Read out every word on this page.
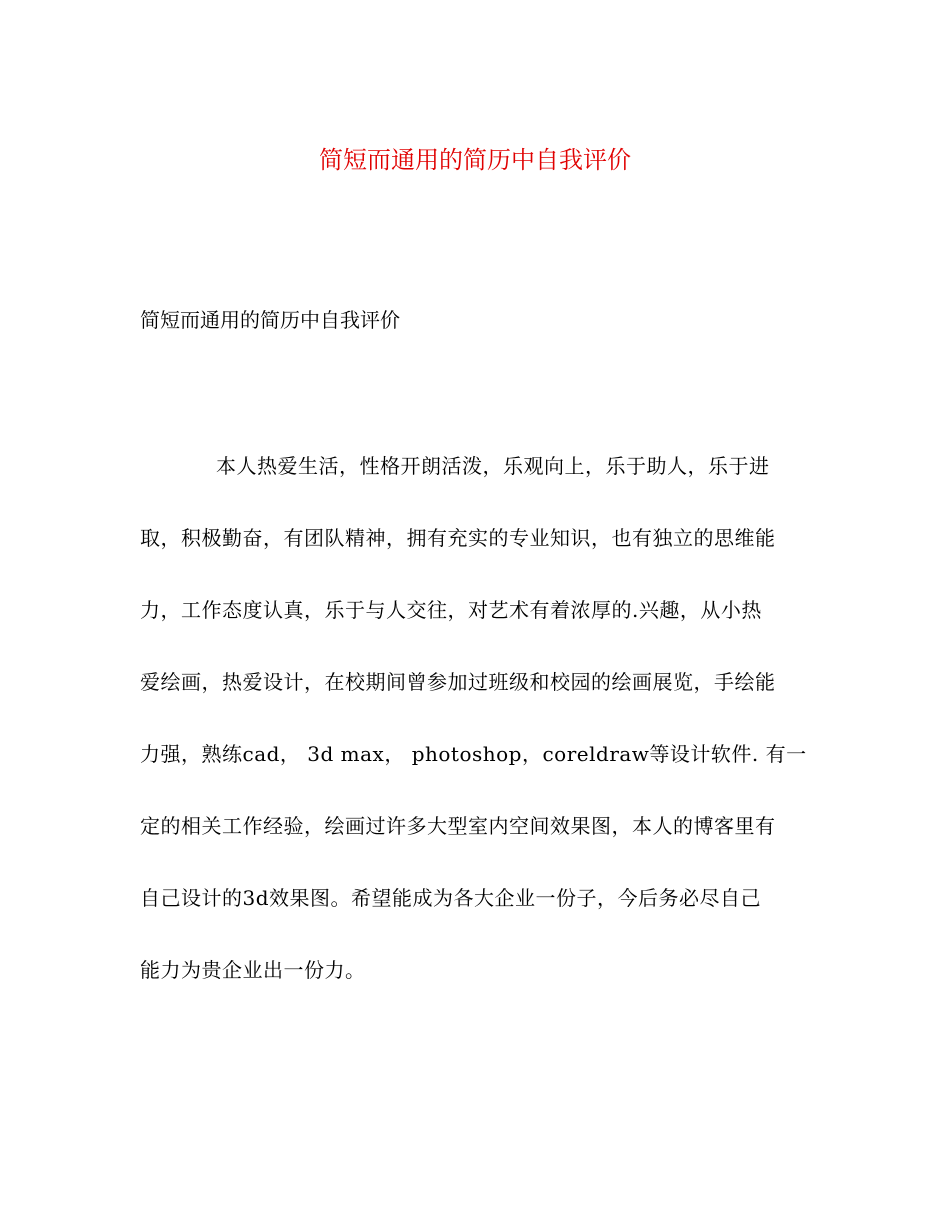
简短而通用的简历中自我评价
简短而通用的简历中自我评价
本人热爱生活，性格开朗活泼，乐观向上，乐于助人，乐于进
取，积极勤奋，有团队精神，拥有充实的专业知识，也有独立的思维能
力，工作态度认真，乐于与人交往，对艺术有着浓厚的.兴趣，从小热
爱绘画，热爱设计，在校期间曾参加过班级和校园的绘画展览，手绘能
力强，熟练cad， 3d max， photoshop，coreldraw等设计软件. 有一
定的相关工作经验，绘画过许多大型室内空间效果图，本人的博客里有
自己设计的3d效果图。希望能成为各大企业一份子，今后务必尽自己
能力为贵企业出一份力。
